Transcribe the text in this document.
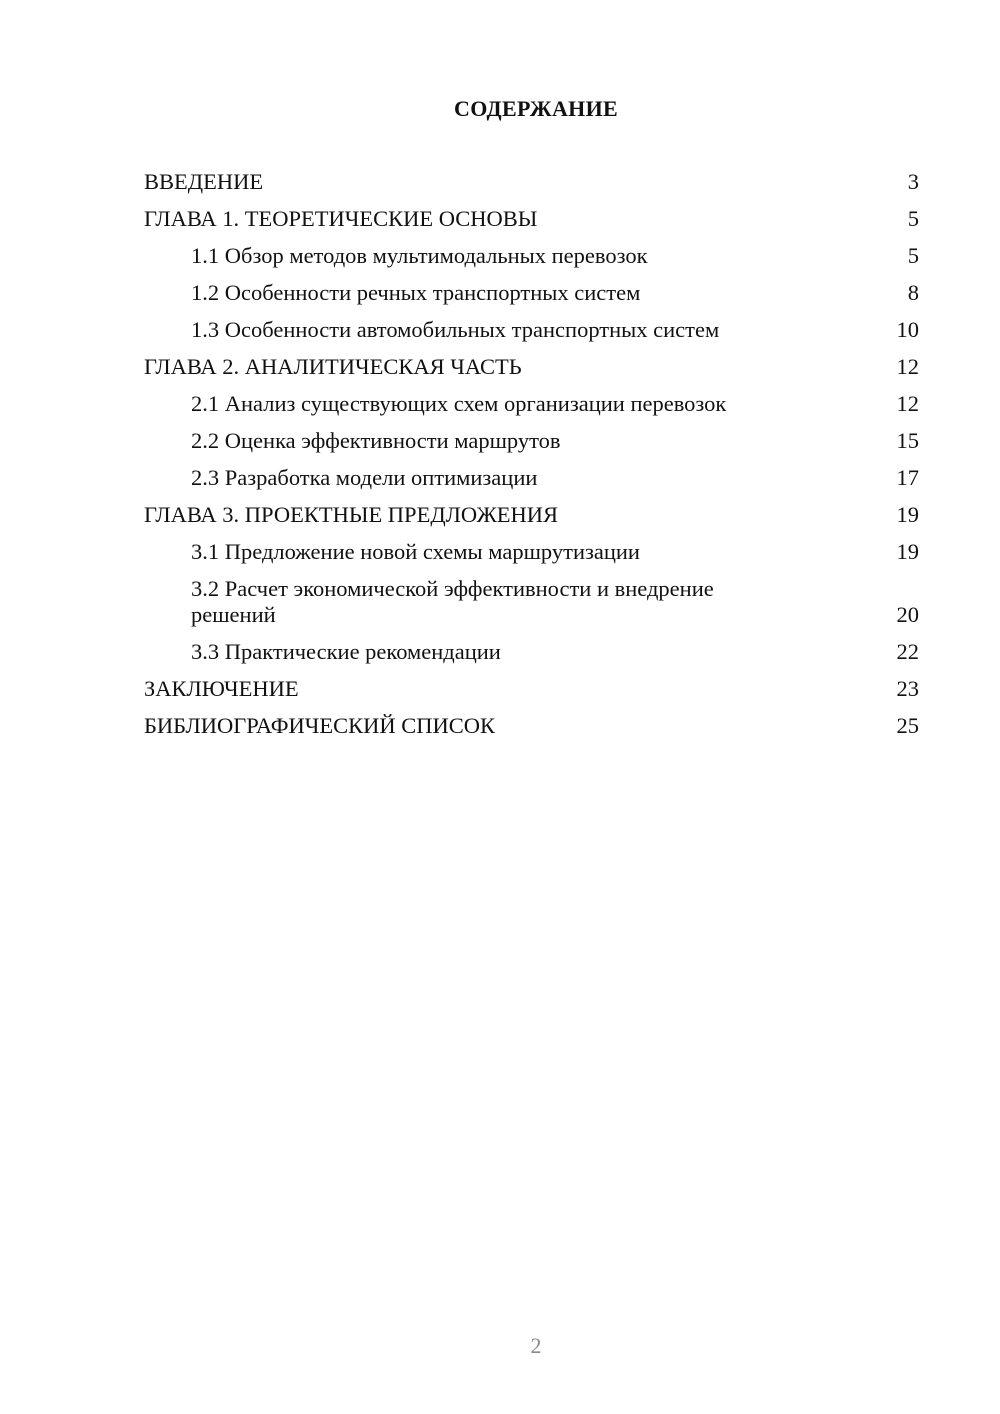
СОДЕРЖАНИЕ
ВВЕДЕНИЕ	3
ГЛАВА 1. ТЕОРЕТИЧЕСКИЕ ОСНОВЫ	5
1.1 Обзор методов мультимодальных перевозок	5
1.2 Особенности речных транспортных систем	8
1.3 Особенности автомобильных транспортных систем	10
ГЛАВА 2. АНАЛИТИЧЕСКАЯ ЧАСТЬ	12
2.1 Анализ существующих схем организации перевозок	12
2.2 Оценка эффективности маршрутов	15
2.3 Разработка модели оптимизации	17
ГЛАВА 3. ПРОЕКТНЫЕ ПРЕДЛОЖЕНИЯ	19
3.1 Предложение новой схемы маршрутизации	19
3.2 Расчет экономической эффективности и внедрение решений	20
3.3 Практические рекомендации	22
ЗАКЛЮЧЕНИЕ	23
БИБЛИОГРАФИЧЕСКИЙ СПИСОК	25
2
